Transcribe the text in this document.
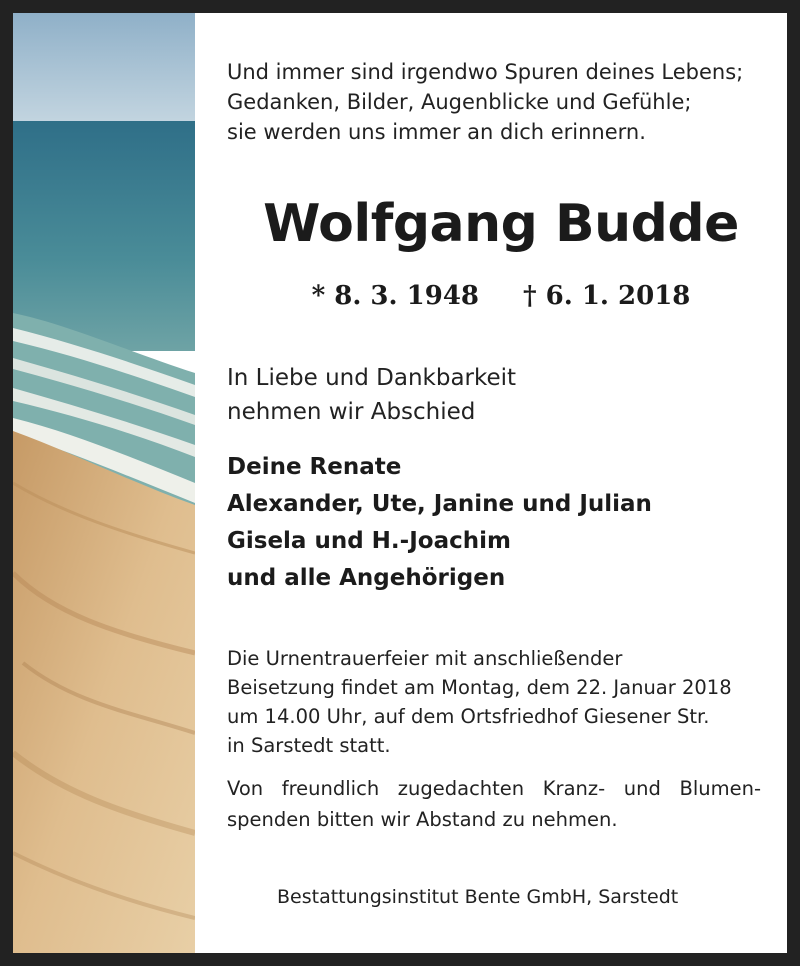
Und immer sind irgendwo Spuren deines Lebens;
Gedanken, Bilder, Augenblicke und Gefühle;
sie werden uns immer an dich erinnern.
Wolfgang Budde
* 8. 3. 1948 † 6. 1. 2018
In Liebe und Dankbarkeit
nehmen wir Abschied
Deine Renate
Alexander, Ute, Janine und Julian
Gisela und H.-Joachim
und alle Angehörigen
Die Urnentrauerfeier mit anschließender
Beisetzung findet am Montag, dem 22. Januar 2018
um 14.00 Uhr, auf dem Ortsfriedhof Giesener Str.
in Sarstedt statt.
Von freundlich zugedachten Kranz- und Blumen-
spenden bitten wir Abstand zu nehmen.
Bestattungsinstitut Bente GmbH, Sarstedt
